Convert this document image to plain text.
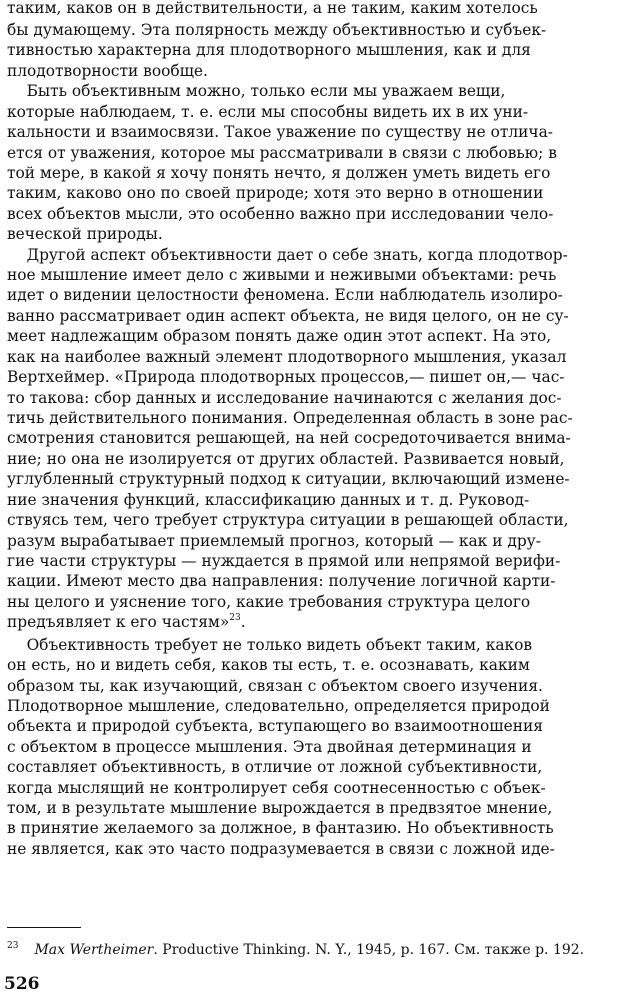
таким, каков он в действительности, а не таким, каким хотелось
бы думающему. Эта полярность между объективностью и субъек-
тивностью характерна для плодотворного мышления, как и для
плодотворности вообще.
Быть объективным можно, только если мы уважаем вещи,
которые наблюдаем, т. е. если мы способны видеть их в их уни-
кальности и взаимосвязи. Такое уважение по существу не отлича-
ется от уважения, которое мы рассматривали в связи с любовью; в
той мере, в какой я хочу понять нечто, я должен уметь видеть его
таким, каково оно по своей природе; хотя это верно в отношении
всех объектов мысли, это особенно важно при исследовании чело-
веческой природы.
Другой аспект объективности дает о себе знать, когда плодотвор-
ное мышление имеет дело с живыми и неживыми объектами: речь
идет о видении целостности феномена. Если наблюдатель изолиро-
ванно рассматривает один аспект объекта, не видя целого, он не су-
меет надлежащим образом понять даже один этот аспект. На это,
как на наиболее важный элемент плодотворного мышления, указал
Вертхеймер. «Природа плодотворных процессов,— пишет он,— час-
то такова: сбор данных и исследование начинаются с желания дос-
тичь действительного понимания. Определенная область в зоне рас-
смотрения становится решающей, на ней сосредоточивается внима-
ние; но она не изолируется от других областей. Развивается новый,
углубленный структурный подход к ситуации, включающий измене-
ние значения функций, классификацию данных и т. д. Руковод-
ствуясь тем, чего требует структура ситуации в решающей области,
разум вырабатывает приемлемый прогноз, который — как и дру-
гие части структуры — нуждается в прямой или непрямой верифи-
кации. Имеют место два направления: получение логичной карти-
ны целого и уяснение того, какие требования структура целого
предъявляет к его частям»$^{23}$.
Объективность требует не только видеть объект таким, каков
он есть, но и видеть себя, каков ты есть, т. е. осознавать, каким
образом ты, как изучающий, связан с объектом своего изучения.
Плодотворное мышление, следовательно, определяется природой
объекта и природой субъекта, вступающего во взаимоотношения
с объектом в процессе мышления. Эта двойная детерминация и
составляет объективность, в отличие от ложной субъективности,
когда мыслящий не контролирует себя соотнесенностью с объек-
том, и в результате мышление вырождается в предвзятое мнение,
в принятие желаемого за должное, в фантазию. Но объективность
не является, как это часто подразумевается в связи с ложной иде-
$^{23}$ Max Wertheimer. Productive Thinking. N. Y., 1945, p. 167. См. также р. 192.
526
